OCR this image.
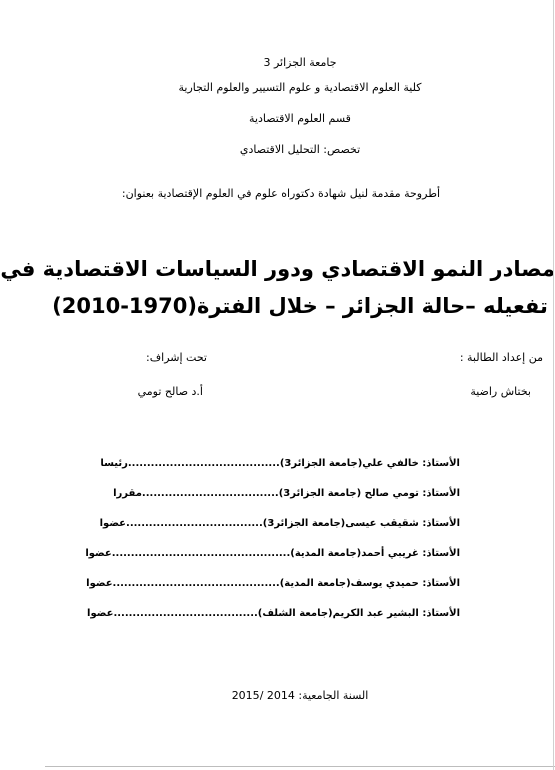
جامعة الجزائر 3
كلية العلوم الاقتصادية و علوم التسيير والعلوم التجارية
قسم العلوم الاقتصادية
تخصص: التحليل الاقتصادي
أطروحة مقدمة لنيل شهادة دكتوراه علوم في العلوم الإقتصادية بعنوان:
مصادر النمو الاقتصادي ودور السياسات الاقتصادية في
تفعيله –حالة الجزائر – خلال الفترة(1970-2010)
من إعداد الطالبة :
تحت إشراف:
بختاش راضية
أ.د صالح تومي
الأستاذ: خالفي علي(جامعة الجزائر3)........................................رئيسا
الأستاذ: تومي صالح (جامعة الجزائر3)....................................مقررا
الأستاذ: شقيقب عيسى(جامعة الجزائر3)....................................عضوا
الأستاذ: غريبي أحمد(جامعة المدية)...............................................عضوا
الأستاذ: حميدي يوسف(جامعة المدية)............................................عضوا
الأستاذ: البشير عبد الكريم(جامعة الشلف)......................................عضوا
السنة الجامعية: 2014 /2015
